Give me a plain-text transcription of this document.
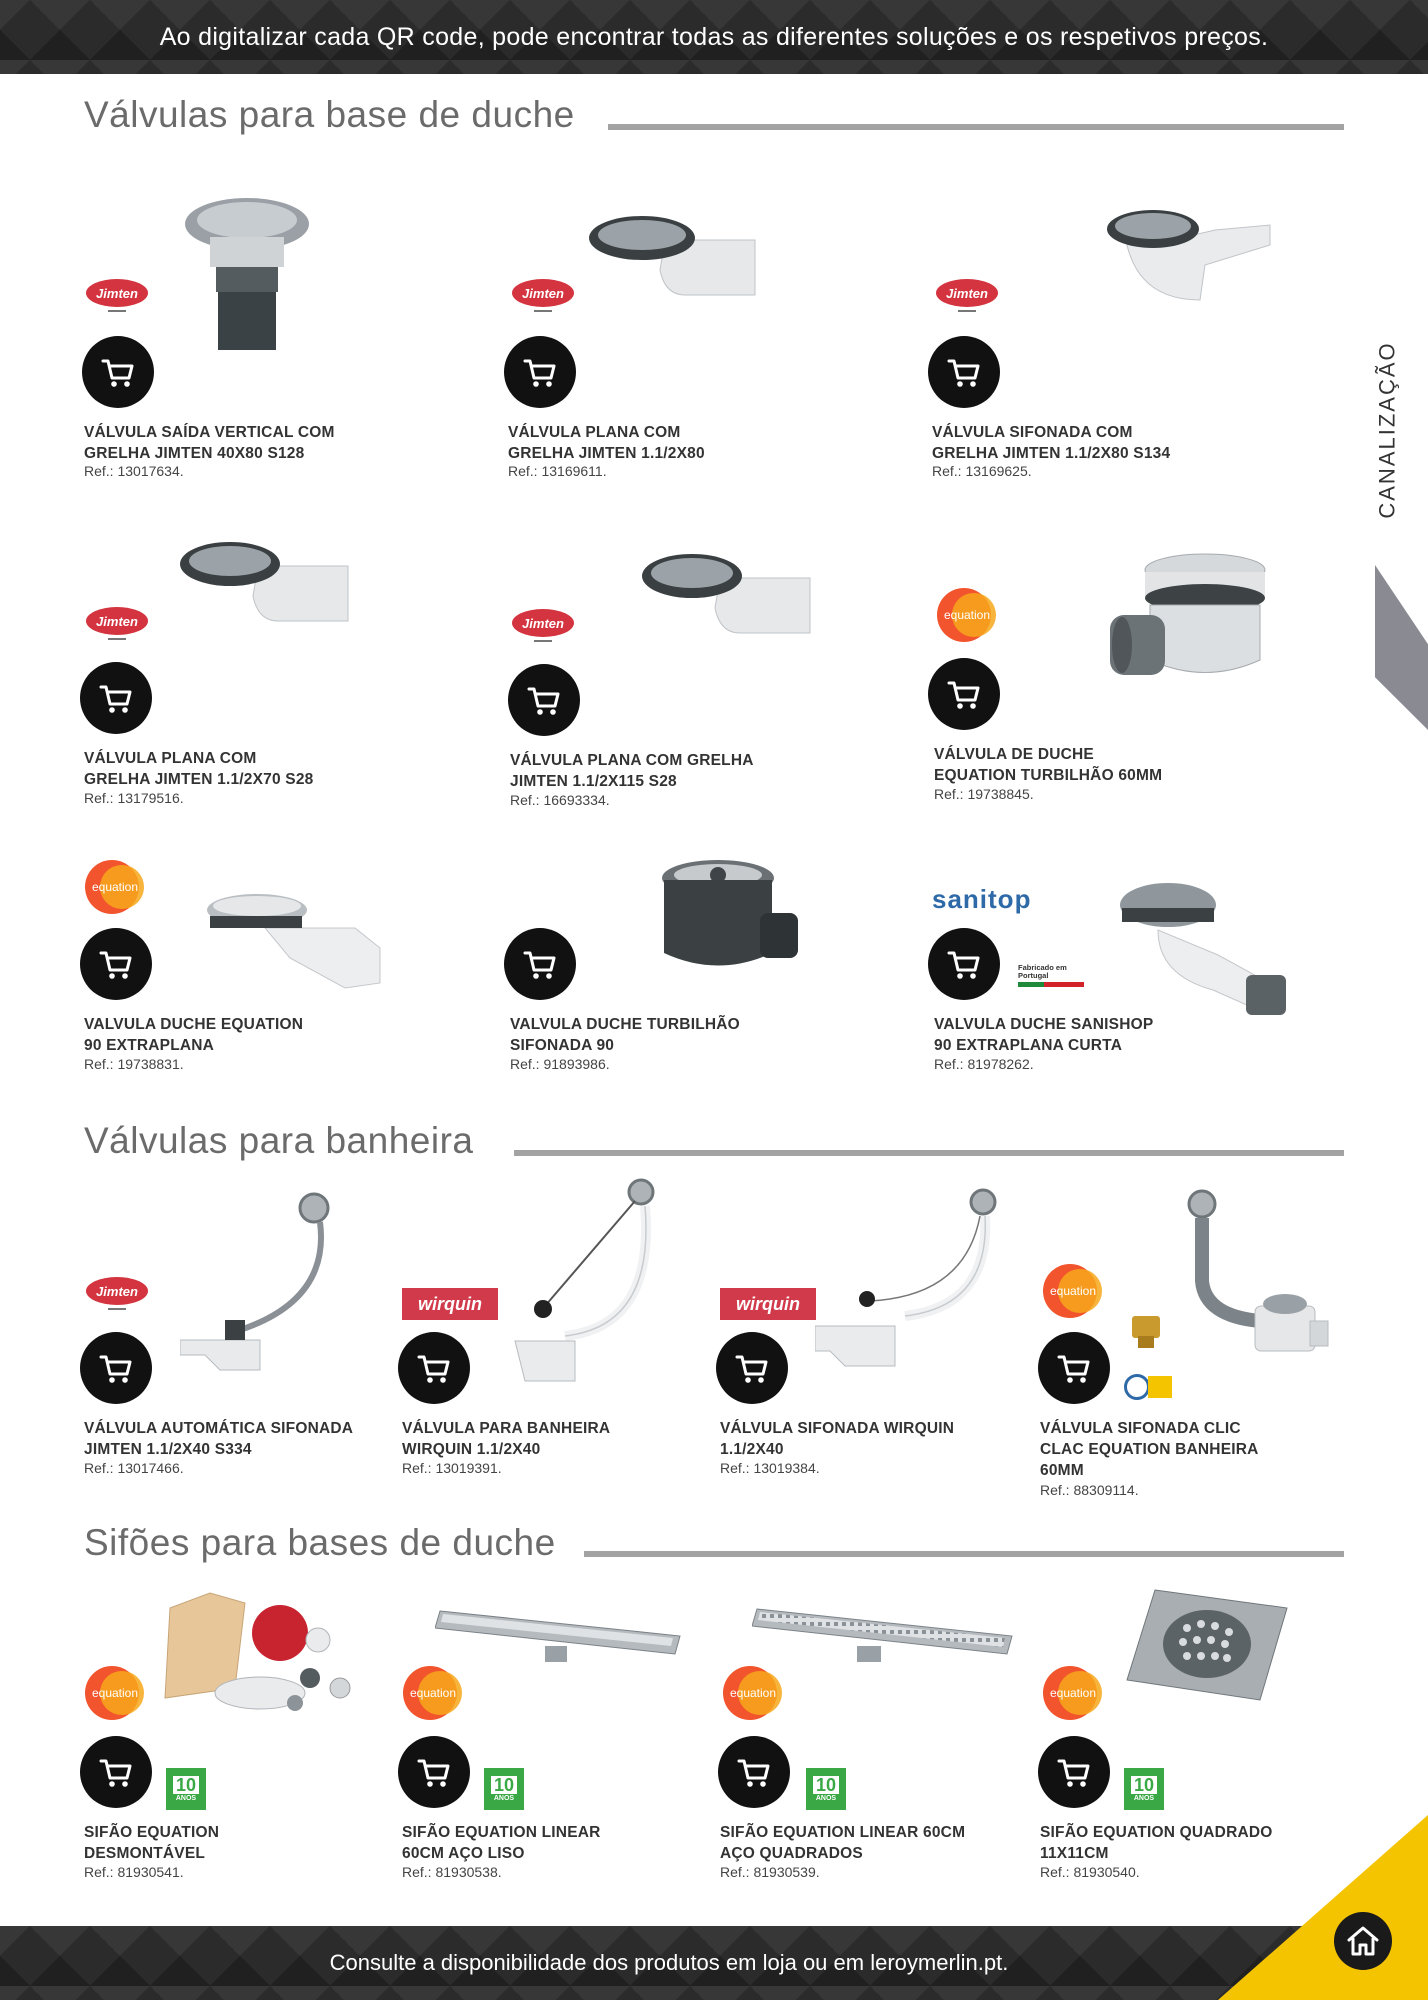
Ao digitalizar cada QR code, pode encontrar todas as diferentes soluções e os respetivos preços.
CANALIZAÇÃO
Válvulas para base de duche
VÁLVULA SAÍDA VERTICAL COM GRELHA JIMTEN 40X80 S128
Ref.: 13017634.
VÁLVULA PLANA COM GRELHA JIMTEN 1.1/2X80
Ref.: 13169611.
VÁLVULA SIFONADA COM GRELHA JIMTEN 1.1/2X80 S134
Ref.: 13169625.
VÁLVULA PLANA COM GRELHA JIMTEN 1.1/2X70 S28
Ref.: 13179516.
VÁLVULA PLANA COM GRELHA JIMTEN 1.1/2X115 S28
Ref.: 16693334.
VÁLVULA DE DUCHE EQUATION TURBILHÃO 60MM
Ref.: 19738845.
VALVULA DUCHE EQUATION 90 EXTRAPLANA
Ref.: 19738831.
VALVULA DUCHE TURBILHÃO SIFONADA 90
Ref.: 91893986.
sanitop
Fabricado em Portugal
VALVULA DUCHE SANISHOP 90 EXTRAPLANA CURTA
Ref.: 81978262.
Válvulas para banheira
VÁLVULA AUTOMÁTICA SIFONADA JIMTEN 1.1/2X40 S334
Ref.: 13017466.
wirquin
VÁLVULA PARA BANHEIRA WIRQUIN 1.1/2X40
Ref.: 13019391.
wirquin
VÁLVULA SIFONADA WIRQUIN 1.1/2X40
Ref.: 13019384.
VÁLVULA SIFONADA CLIC CLAC EQUATION BANHEIRA 60MM
Ref.: 88309114.
Sifões para bases de duche
10
ANOS
SIFÃO EQUATION DESMONTÁVEL
Ref.: 81930541.
10
ANOS
SIFÃO EQUATION LINEAR 60CM AÇO LISO
Ref.: 81930538.
10
ANOS
SIFÃO EQUATION LINEAR 60CM AÇO QUADRADOS
Ref.: 81930539.
10
ANOS
SIFÃO EQUATION QUADRADO 11X11CM
Ref.: 81930540.
Consulte a disponibilidade dos produtos em loja ou em leroymerlin.pt.
